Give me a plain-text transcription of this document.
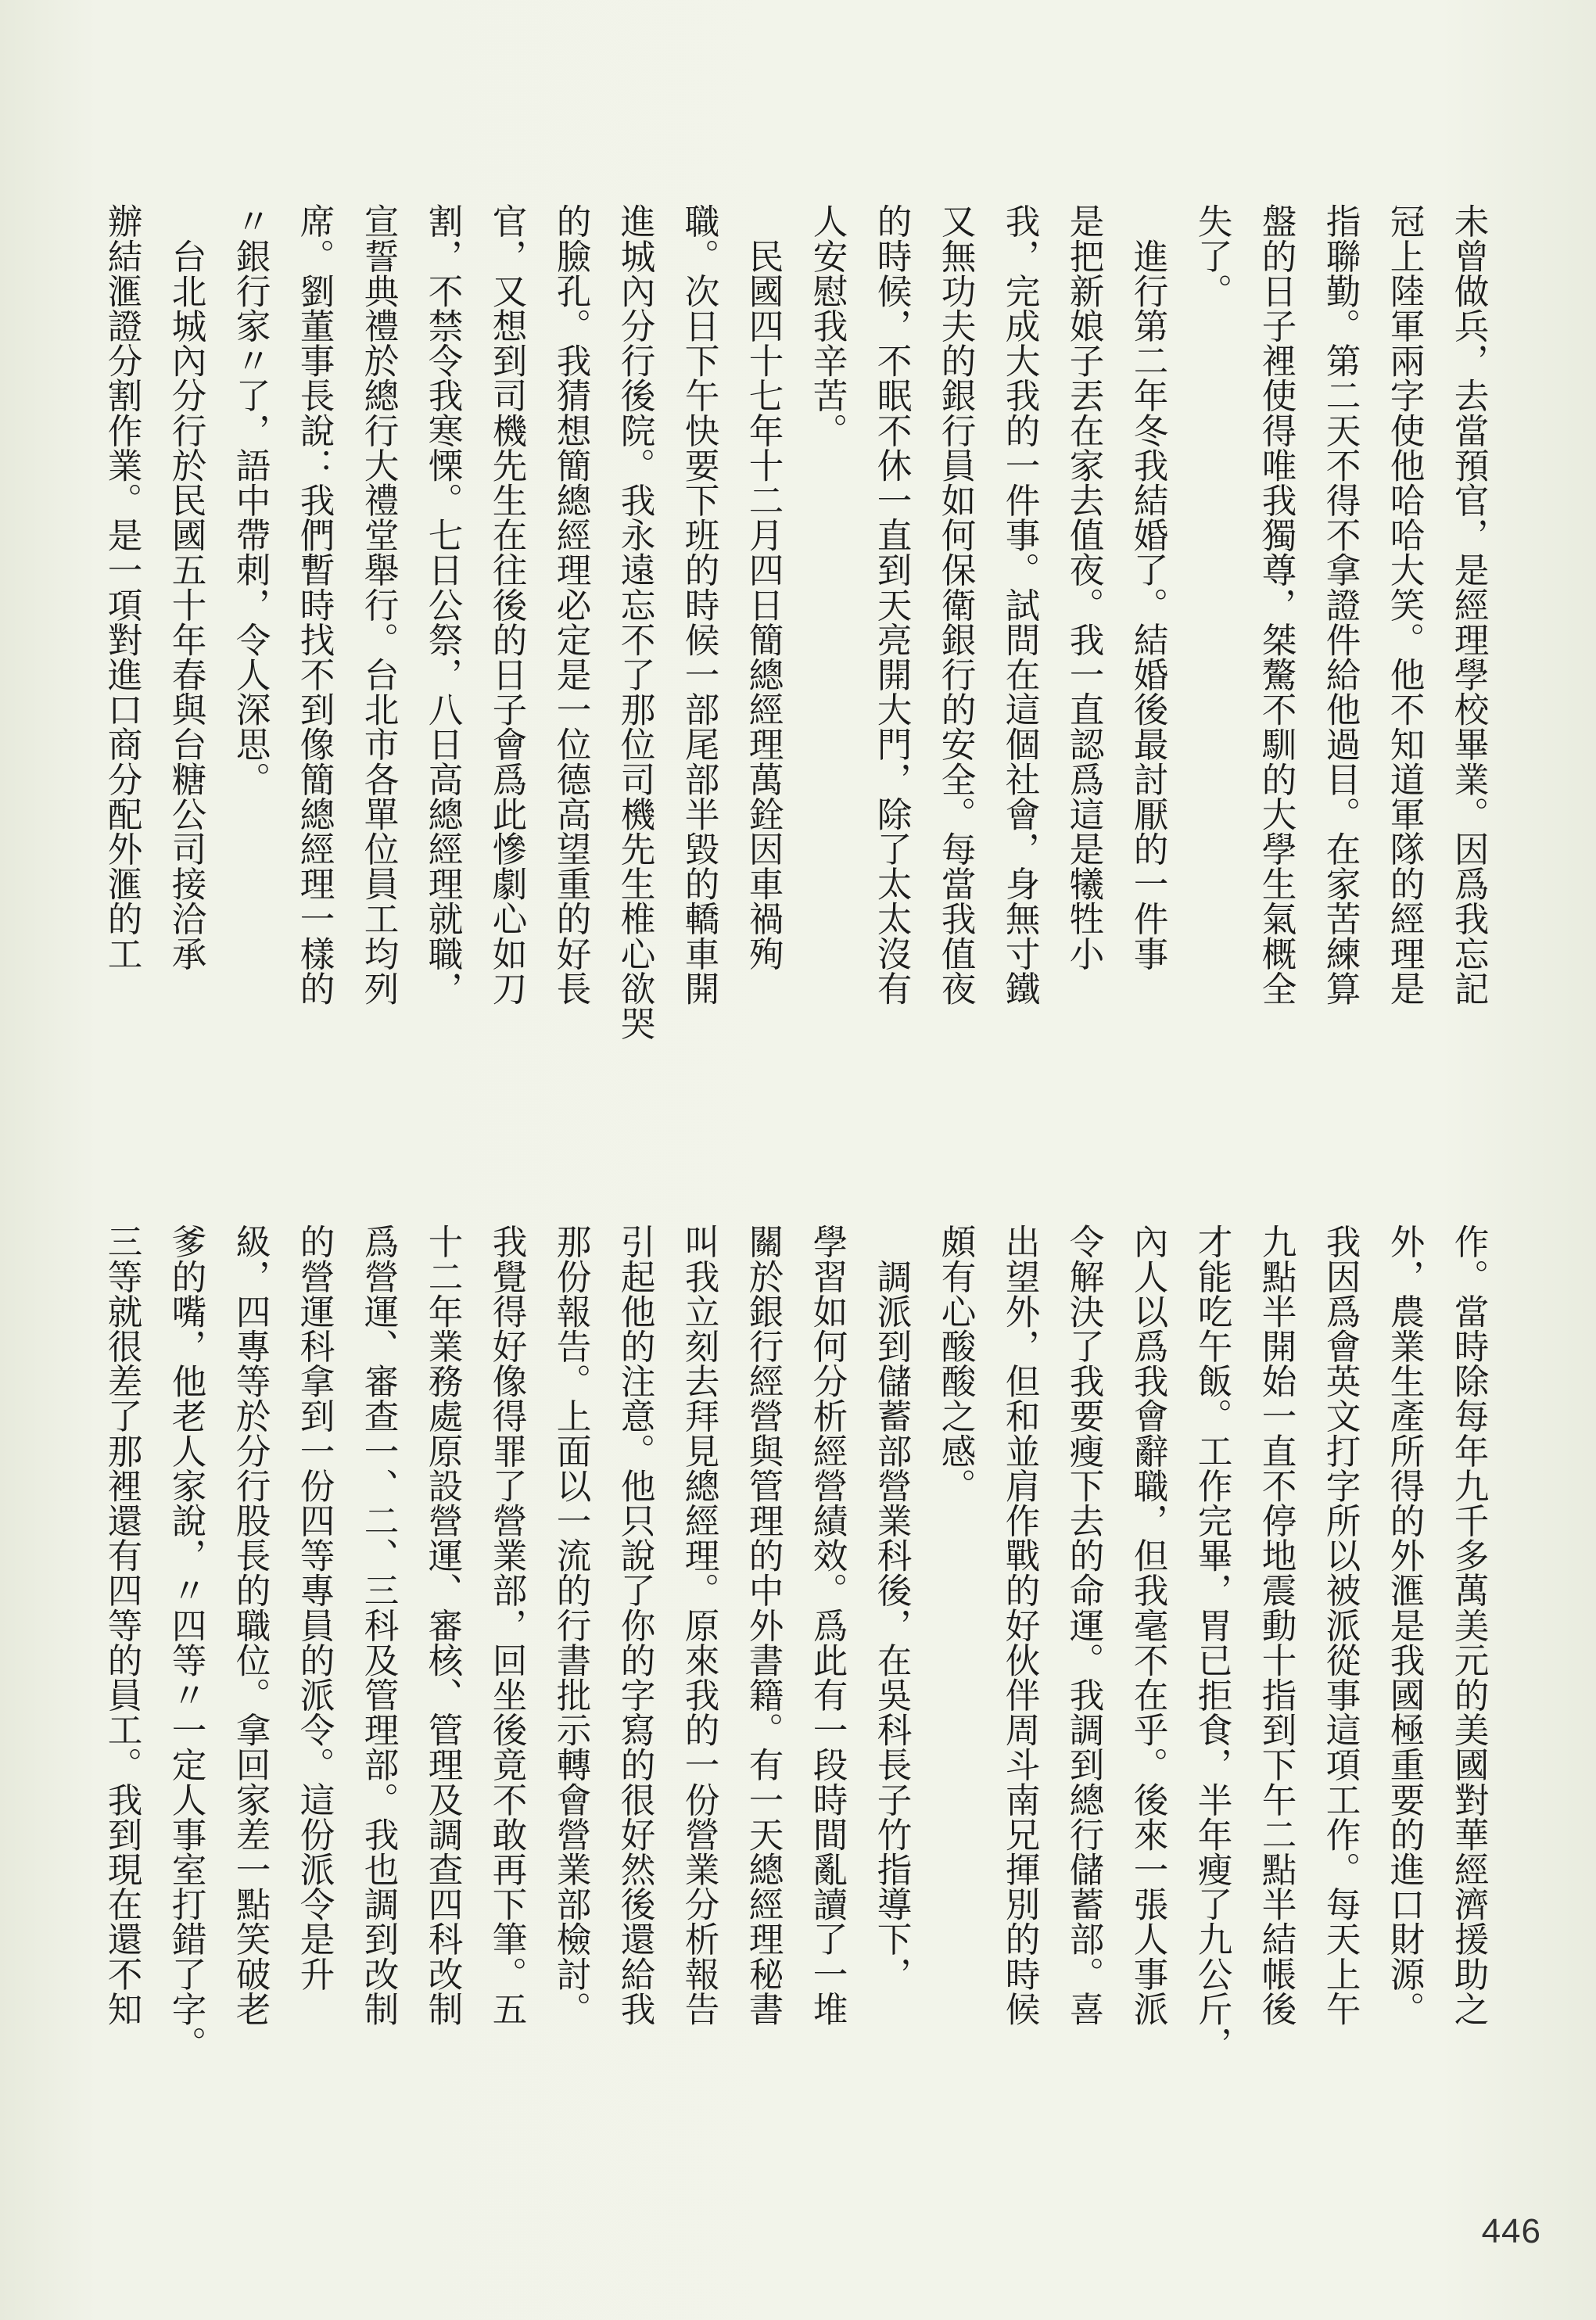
未曾做兵，去當預官，是經理學校畢業。因爲我忘記

冠上陸軍兩字使他哈哈大笑。他不知道軍隊的經理是

指聯勤。第二天不得不拿證件給他過目。在家苦練算

盤的日子裡使得唯我獨尊，桀驁不馴的大學生氣概全

失了。

　進行第二年冬我結婚了。結婚後最討厭的一件事

是把新娘子丟在家去值夜。我一直認爲這是犧牲小

我，完成大我的一件事。試問在這個社會，身無寸鐵

又無功夫的銀行員如何保衛銀行的安全。每當我值夜

的時候，不眠不休一直到天亮開大門，除了太太沒有

人安慰我辛苦。

　民國四十七年十二月四日簡總經理萬銓因車禍殉

職。次日下午快要下班的時候一部尾部半毀的轎車開

進城內分行後院。我永遠忘不了那位司機先生椎心欲哭

的臉孔。我猜想簡總經理必定是一位德高望重的好長

官，又想到司機先生在往後的日子會爲此慘劇心如刀

割，不禁令我寒慄。七日公祭，八日高總經理就職，

宣誓典禮於總行大禮堂舉行。台北市各單位員工均列

席。劉董事長說：我們暫時找不到像簡總經理一樣的

〃銀行家〃了，語中帶刺，令人深思。

　台北城內分行於民國五十年春與台糖公司接洽承

辦結滙證分割作業。是一項對進口商分配外滙的工

作。當時除每年九千多萬美元的美國對華經濟援助之

外，農業生產所得的外滙是我國極重要的進口財源。

我因爲會英文打字所以被派從事這項工作。每天上午

九點半開始一直不停地震動十指到下午二點半結帳後

才能吃午飯。工作完畢，胃已拒食，半年瘦了九公斤，

內人以爲我會辭職，但我毫不在乎。後來一張人事派

令解決了我要瘦下去的命運。我調到總行儲蓄部。喜

出望外，但和並肩作戰的好伙伴周斗南兄揮別的時候

頗有心酸酸之感。

　調派到儲蓄部營業科後，在吳科長子竹指導下，

學習如何分析經營績效。爲此有一段時間亂讀了一堆

關於銀行經營與管理的中外書籍。有一天總經理秘書

叫我立刻去拜見總經理。原來我的一份營業分析報告

引起他的注意。他只說了你的字寫的很好然後還給我

那份報告。上面以一流的行書批示轉會營業部檢討。

我覺得好像得罪了營業部，回坐後竟不敢再下筆。五

十二年業務處原設營運、審核、管理及調查四科改制

爲營運、審查一、二、三科及管理部。我也調到改制

的營運科拿到一份四等專員的派令。這份派令是升

級，四專等於分行股長的職位。拿回家差一點笑破老

爹的嘴，他老人家說，〃四等〃一定人事室打錯了字。

三等就很差了那裡還有四等的員工。我到現在還不知

446
